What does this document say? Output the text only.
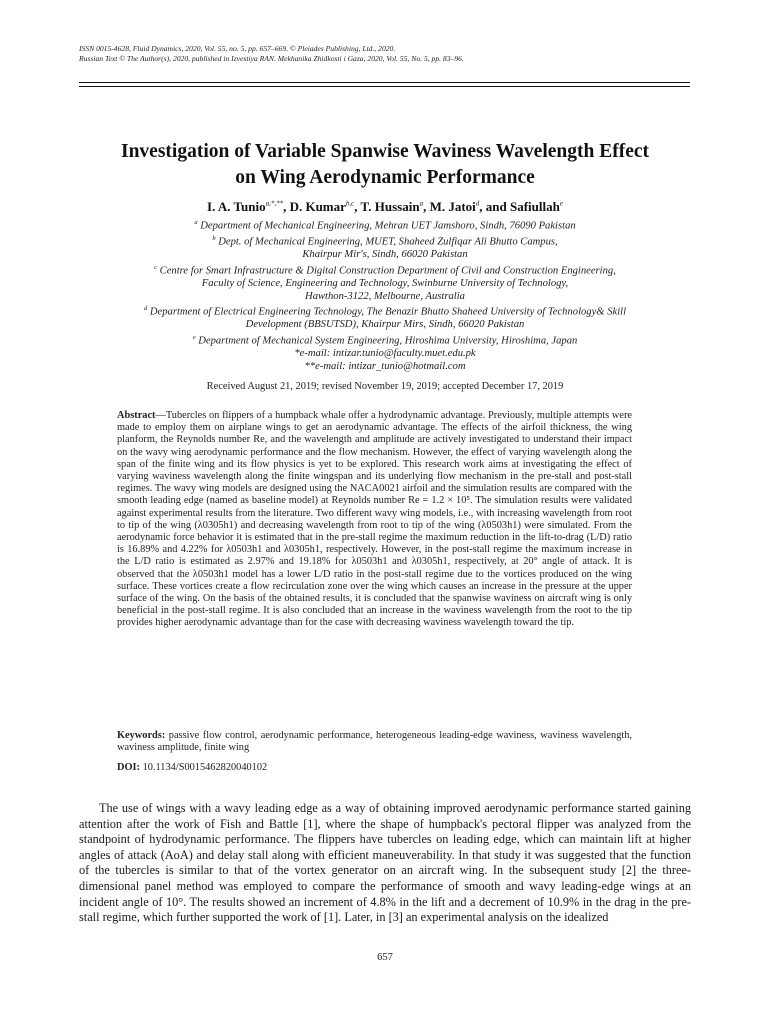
ISSN 0015-4628, Fluid Dynamics, 2020, Vol. 55, no. 5, pp. 657–669. © Pleiades Publishing, Ltd., 2020.
Russian Text © The Author(s), 2020, published in Izvestiya RAN. Mekhanika Zhidkosti i Gaza, 2020, Vol. 55, No. 5, pp. 83–96.
Investigation of Variable Spanwise Waviness Wavelength Effect
on Wing Aerodynamic Performance
I. A. Tunio$^{a,*,**}$, D. Kumar$^{b,c}$, T. Hussain$^a$, M. Jatoi$^d$, and Safiullah$^e$
$^a$ Department of Mechanical Engineering, Mehran UET Jamshoro, Sindh, 76090 Pakistan
$^b$ Dept. of Mechanical Engineering, MUET, Shaheed Zulfiqar Ali Bhutto Campus,
Khairpur Mir's, Sindh, 66020 Pakistan
$^c$ Centre for Smart Infrastructure & Digital Construction Department of Civil and Construction Engineering,
Faculty of Science, Engineering and Technology, Swinburne University of Technology,
Hawthon-3122, Melbourne, Australia
$^d$ Department of Electrical Engineering Technology, The Benazir Bhutto Shaheed University of Technology& Skill
Development (BBSUTSD), Khairpur Mirs, Sindh, 66020 Pakistan
$^e$ Department of Mechanical System Engineering, Hiroshima University, Hiroshima, Japan
*e-mail: intizar.tunio@faculty.muet.edu.pk
**e-mail: intizar_tunio@hotmail.com
Received August 21, 2019; revised November 19, 2019; accepted December 17, 2019
Abstract—Tubercles on flippers of a humpback whale offer a hydrodynamic advantage. Previously, multiple attempts were made to employ them on airplane wings to get an aerodynamic advantage. The effects of the airfoil thickness, the wing planform, the Reynolds number Re, and the wavelength and amplitude are actively investigated to understand their impact on the wavy wing aerodynamic performance and the flow mechanism. However, the effect of varying wavelength along the span of the finite wing and its flow physics is yet to be explored. This research work aims at investigating the effect of varying waviness wavelength along the finite wingspan and its underlying flow mechanism in the pre-stall and post-stall regimes. The wavy wing models are designed using the NACA0021 airfoil and the simulation results are compared with the smooth leading edge (named as baseline model) at Reynolds number Re = 1.2 × 10⁵. The simulation results were validated against experimental results from the literature. Two different wavy wing models, i.e., with increasing wavelength from root to tip of the wing (λ0305h1) and decreasing wavelength from root to tip of the wing (λ0503h1) were simulated. From the aerodynamic force behavior it is estimated that in the pre-stall regime the maximum reduction in the lift-to-drag (L/D) ratio is 16.89% and 4.22% for λ0503h1 and λ0305h1, respectively. However, in the post-stall regime the maximum increase in the L/D ratio is estimated as 2.97% and 19.18% for λ0503h1 and λ0305h1, respectively, at 20° angle of attack. It is observed that the λ0503h1 model has a lower L/D ratio in the post-stall regime due to the vortices produced on the wing surface. These vortices create a flow recirculation zone over the wing which causes an increase in the pressure at the upper surface of the wing. On the basis of the obtained results, it is concluded that the spanwise waviness on aircraft wing is only beneficial in the post-stall regime. It is also concluded that an increase in the waviness wavelength from the root to the tip provides higher aerodynamic advantage than for the case with decreasing waviness wavelength toward the tip.
Keywords: passive flow control, aerodynamic performance, heterogeneous leading-edge waviness, waviness wavelength, waviness amplitude, finite wing
DOI: 10.1134/S0015462820040102
The use of wings with a wavy leading edge as a way of obtaining improved aerodynamic performance started gaining attention after the work of Fish and Battle [1], where the shape of humpback's pectoral flipper was analyzed from the standpoint of hydrodynamic performance. The flippers have tubercles on leading edge, which can maintain lift at higher angles of attack (AoA) and delay stall along with efficient maneuverability. In that study it was suggested that the function of the tubercles is similar to that of the vortex generator on an aircraft wing. In the subsequent study [2] the three-dimensional panel method was employed to compare the performance of smooth and wavy leading-edge wings at an incident angle of 10°. The results showed an increment of 4.8% in the lift and a decrement of 10.9% in the drag in the pre-stall regime, which further supported the work of [1]. Later, in [3] an experimental analysis on the idealized
657
